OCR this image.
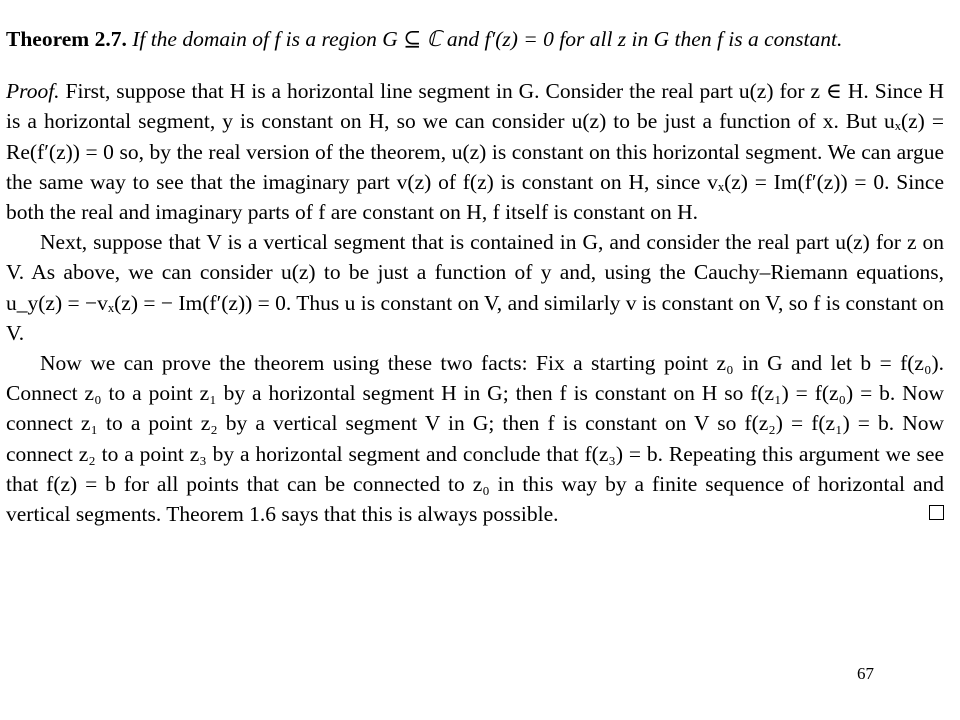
Theorem 2.7. If the domain of f is a region G ⊆ ℂ and f′(z) = 0 for all z in G then f is a constant.

Proof. First, suppose that H is a horizontal line segment in G. Consider the real part u(z) for z ∈ H. Since H is a horizontal segment, y is constant on H, so we can consider u(z) to be just a function of x. But uₓ(z) = Re(f′(z)) = 0 so, by the real version of the theorem, u(z) is constant on this horizontal segment. We can argue the same way to see that the imaginary part v(z) of f(z) is constant on H, since vₓ(z) = Im(f′(z)) = 0. Since both the real and imaginary parts of f are constant on H, f itself is constant on H.

Next, suppose that V is a vertical segment that is contained in G, and consider the real part u(z) for z on V. As above, we can consider u(z) to be just a function of y and, using the Cauchy–Riemann equations, u_y(z) = −vₓ(z) = − Im(f′(z)) = 0. Thus u is constant on V, and similarly v is constant on V, so f is constant on V.

Now we can prove the theorem using these two facts: Fix a starting point z₀ in G and let b = f(z₀). Connect z₀ to a point z₁ by a horizontal segment H in G; then f is constant on H so f(z₁) = f(z₀) = b. Now connect z₁ to a point z₂ by a vertical segment V in G; then f is constant on V so f(z₂) = f(z₁) = b. Now connect z₂ to a point z₃ by a horizontal segment and conclude that f(z₃) = b. Repeating this argument we see that f(z) = b for all points that can be connected to z₀ in this way by a finite sequence of horizontal and vertical segments. Theorem 1.6 says that this is always possible.

67
